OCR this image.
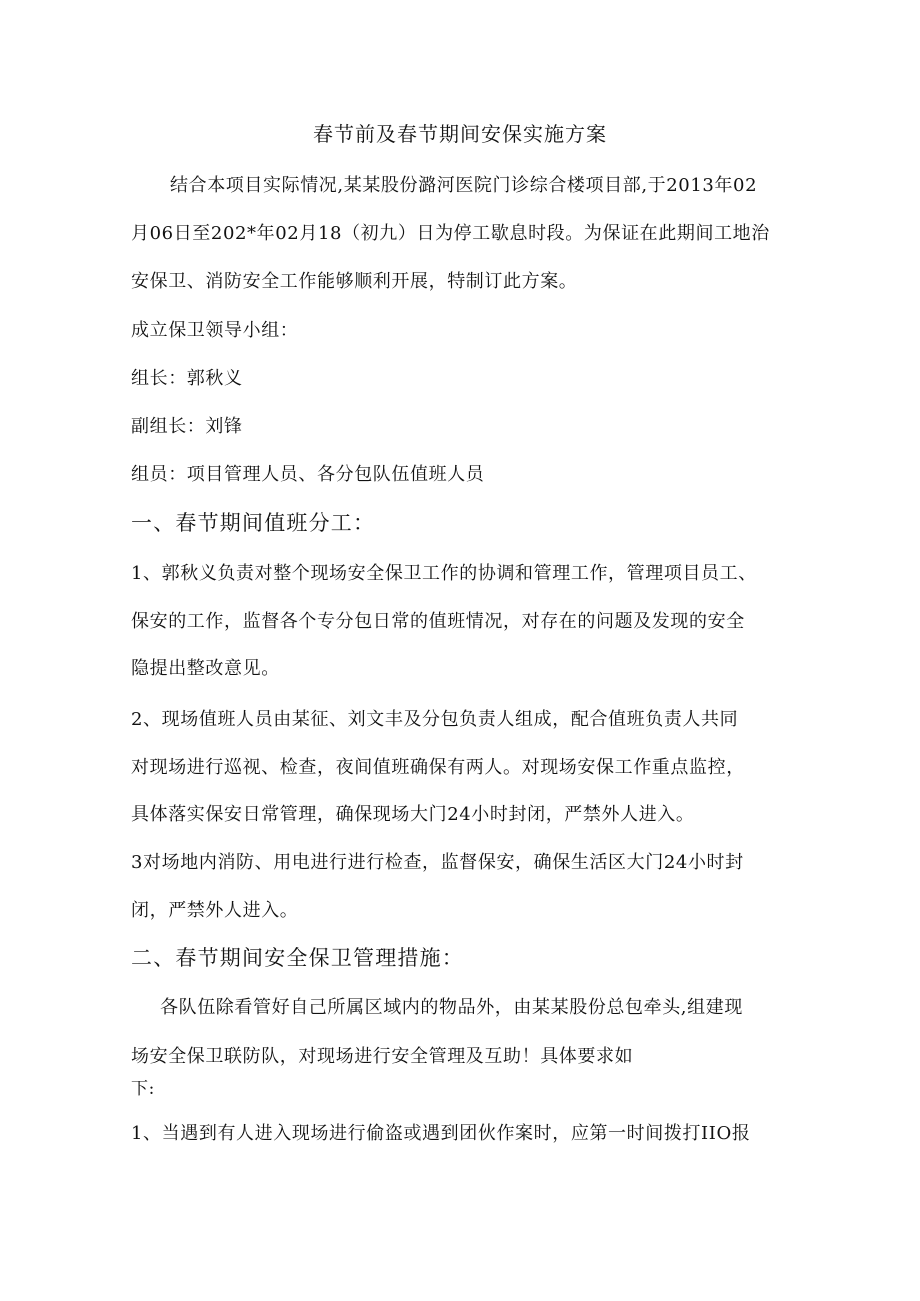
春节前及春节期间安保实施方案
结合本项目实际情况,某某股份潞河医院门诊综合楼项目部,于2013年02
月06日至202*年02月18（初九）日为停工歇息时段。为保证在此期间工地治
安保卫、消防安全工作能够顺利开展，特制订此方案。
成立保卫领导小组：
组长：郭秋义
副组长：刘锋
组员：项目管理人员、各分包队伍值班人员
一、春节期间值班分工：
1、郭秋义负责对整个现场安全保卫工作的协调和管理工作，管理项目员工、
保安的工作，监督各个专分包日常的值班情况，对存在的问题及发现的安全
隐提出整改意见。
2、现场值班人员由某征、刘文丰及分包负责人组成，配合值班负责人共同
对现场进行巡视、检查，夜间值班确保有两人。对现场安保工作重点监控，
具体落实保安日常管理，确保现场大门24小时封闭，严禁外人进入。
3对场地内消防、用电进行进行检查，监督保安，确保生活区大门24小时封
闭，严禁外人进入。
二、春节期间安全保卫管理措施：
各队伍除看管好自己所属区域内的物品外，由某某股份总包牵头,组建现
场安全保卫联防队，对现场进行安全管理及互助！具体要求如
下:
1、当遇到有人进入现场进行偷盗或遇到团伙作案时，应第一时间拨打IIO报
